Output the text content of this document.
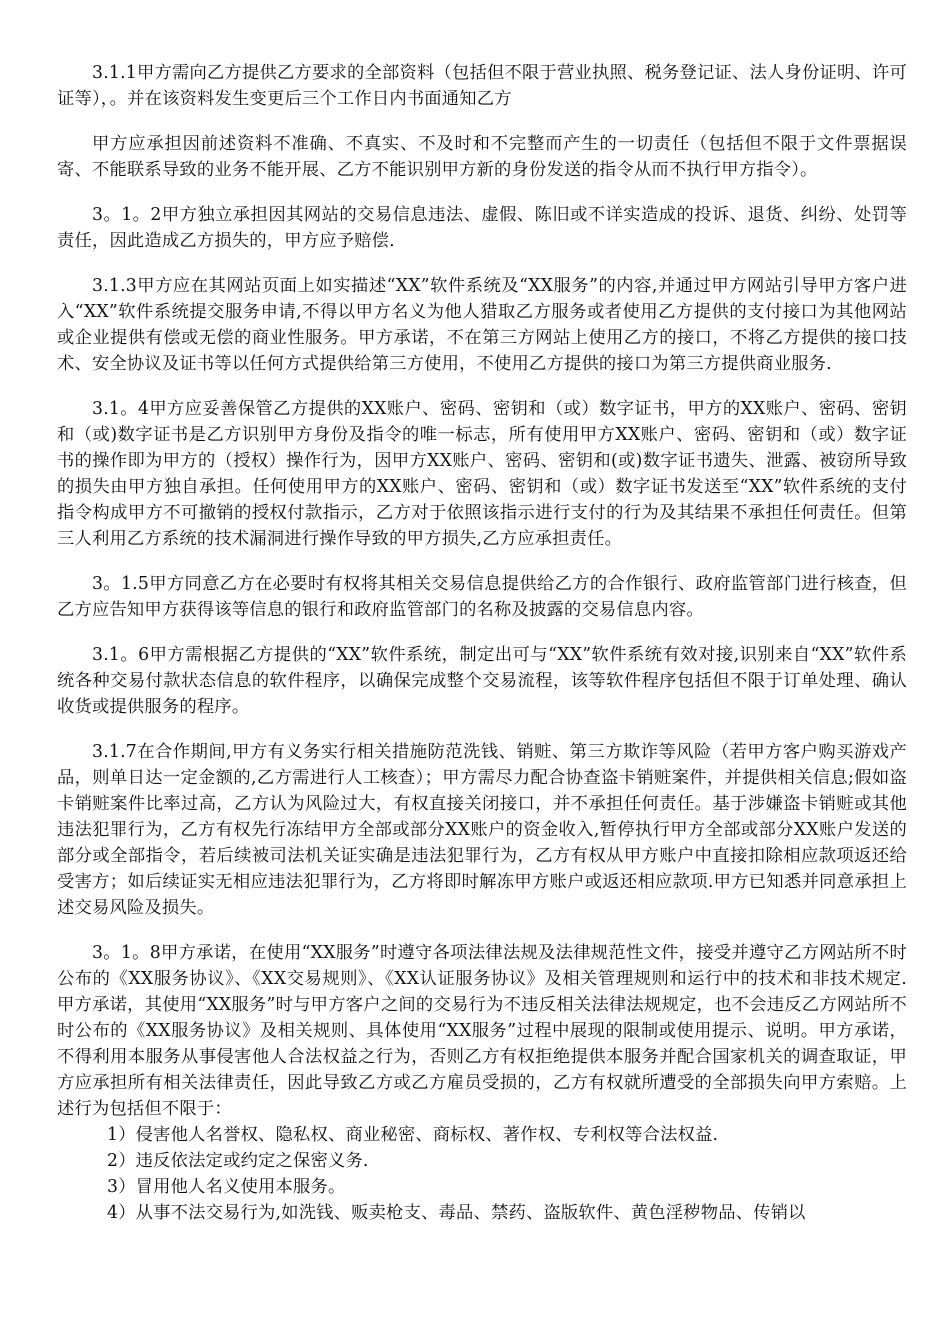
3.1.1甲方需向乙方提供乙方要求的全部资料（包括但不限于营业执照、税务登记证、法人身份证明、许可证等），。并在该资料发生变更后三个工作日内书面通知乙方

甲方应承担因前述资料不准确、不真实、不及时和不完整而产生的一切责任（包括但不限于文件票据误寄、不能联系导致的业务不能开展、乙方不能识别甲方新的身份发送的指令从而不执行甲方指令）。

3。1。2甲方独立承担因其网站的交易信息违法、虚假、陈旧或不详实造成的投诉、退货、纠纷、处罚等责任，因此造成乙方损失的，甲方应予赔偿.

3.1.3甲方应在其网站页面上如实描述“XX”软件系统及“XX服务”的内容,并通过甲方网站引导甲方客户进入“XX”软件系统提交服务申请,不得以甲方名义为他人猎取乙方服务或者使用乙方提供的支付接口为其他网站或企业提供有偿或无偿的商业性服务。甲方承诺，不在第三方网站上使用乙方的接口，不将乙方提供的接口技术、安全协议及证书等以任何方式提供给第三方使用，不使用乙方提供的接口为第三方提供商业服务.

3.1。4甲方应妥善保管乙方提供的XX账户、密码、密钥和（或）数字证书，甲方的XX账户、密码、密钥和（或)数字证书是乙方识别甲方身份及指令的唯一标志，所有使用甲方XX账户、密码、密钥和（或）数字证书的操作即为甲方的（授权）操作行为，因甲方XX账户、密码、密钥和(或)数字证书遗失、泄露、被窃所导致的损失由甲方独自承担。任何使用甲方的XX账户、密码、密钥和（或）数字证书发送至“XX”软件系统的支付指令构成甲方不可撤销的授权付款指示，乙方对于依照该指示进行支付的行为及其结果不承担任何责任。但第三人利用乙方系统的技术漏洞进行操作导致的甲方损失,乙方应承担责任。

3。1.5甲方同意乙方在必要时有权将其相关交易信息提供给乙方的合作银行、政府监管部门进行核查，但乙方应告知甲方获得该等信息的银行和政府监管部门的名称及披露的交易信息内容。

3.1。6甲方需根据乙方提供的“XX”软件系统，制定出可与“XX”软件系统有效对接,识别来自“XX”软件系统各种交易付款状态信息的软件程序，以确保完成整个交易流程，该等软件程序包括但不限于订单处理、确认收货或提供服务的程序。

3.1.7在合作期间,甲方有义务实行相关措施防范洗钱、销赃、第三方欺诈等风险（若甲方客户购买游戏产品，则单日达一定金额的,乙方需进行人工核查）；甲方需尽力配合协查盗卡销赃案件，并提供相关信息;假如盗卡销赃案件比率过高，乙方认为风险过大，有权直接关闭接口，并不承担任何责任。基于涉嫌盗卡销赃或其他违法犯罪行为，乙方有权先行冻结甲方全部或部分XX账户的资金收入,暂停执行甲方全部或部分XX账户发送的部分或全部指令，若后续被司法机关证实确是违法犯罪行为，乙方有权从甲方账户中直接扣除相应款项返还给受害方；如后续证实无相应违法犯罪行为，乙方将即时解冻甲方账户或返还相应款项.甲方已知悉并同意承担上述交易风险及损失。

3。1。8甲方承诺，在使用“XX服务”时遵守各项法律法规及法律规范性文件，接受并遵守乙方网站所不时公布的《XX服务协议》、《XX交易规则》、《XX认证服务协议》及相关管理规则和运行中的技术和非技术规定.甲方承诺，其使用“XX服务”时与甲方客户之间的交易行为不违反相关法律法规规定，也不会违反乙方网站所不时公布的《XX服务协议》及相关规则、具体使用“XX服务”过程中展现的限制或使用提示、说明。甲方承诺，不得利用本服务从事侵害他人合法权益之行为，否则乙方有权拒绝提供本服务并配合国家机关的调查取证，甲方应承担所有相关法律责任，因此导致乙方或乙方雇员受损的，乙方有权就所遭受的全部损失向甲方索赔。上述行为包括但不限于：

1）侵害他人名誉权、隐私权、商业秘密、商标权、著作权、专利权等合法权益.
2）违反依法定或约定之保密义务.
3）冒用他人名义使用本服务。
4）从事不法交易行为,如洗钱、贩卖枪支、毒品、禁药、盗版软件、黄色淫秽物品、传销以
